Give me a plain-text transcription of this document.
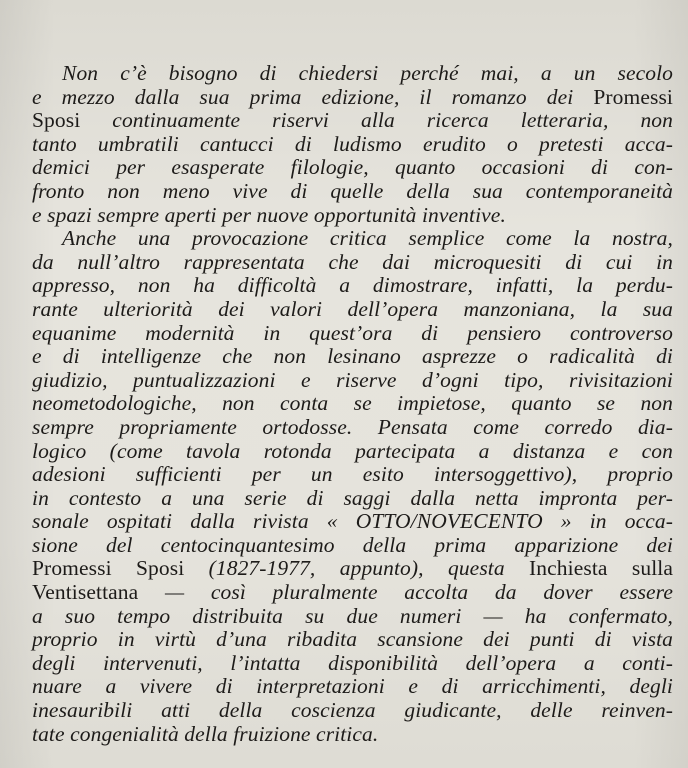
Non c’è bisogno di chiedersi perché mai, a un secolo
e mezzo dalla sua prima edizione, il romanzo dei Promessi
Sposi continuamente riservi alla ricerca letteraria, non
tanto umbratili cantucci di ludismo erudito o pretesti acca-
demici per esasperate filologie, quanto occasioni di con-
fronto non meno vive di quelle della sua contemporaneità
e spazi sempre aperti per nuove opportunità inventive.
Anche una provocazione critica semplice come la nostra,
da null’altro rappresentata che dai microquesiti di cui in
appresso, non ha difficoltà a dimostrare, infatti, la perdu-
rante ulteriorità dei valori dell’opera manzoniana, la sua
equanime modernità in quest’ora di pensiero controverso
e di intelligenze che non lesinano asprezze o radicalità di
giudizio, puntualizzazioni e riserve d’ogni tipo, rivisitazioni
neometodologiche, non conta se impietose, quanto se non
sempre propriamente ortodosse. Pensata come corredo dia-
logico (come tavola rotonda partecipata a distanza e con
adesioni sufficienti per un esito intersoggettivo), proprio
in contesto a una serie di saggi dalla netta impronta per-
sonale ospitati dalla rivista « OTTO/NOVECENTO » in occa-
sione del centocinquantesimo della prima apparizione dei
Promessi Sposi (1827-1977, appunto), questa Inchiesta sulla
Ventisettana — così pluralmente accolta da dover essere
a suo tempo distribuita su due numeri — ha confermato,
proprio in virtù d’una ribadita scansione dei punti di vista
degli intervenuti, l’intatta disponibilità dell’opera a conti-
nuare a vivere di interpretazioni e di arricchimenti, degli
inesauribili atti della coscienza giudicante, delle reinven-
tate congenialità della fruizione critica.
